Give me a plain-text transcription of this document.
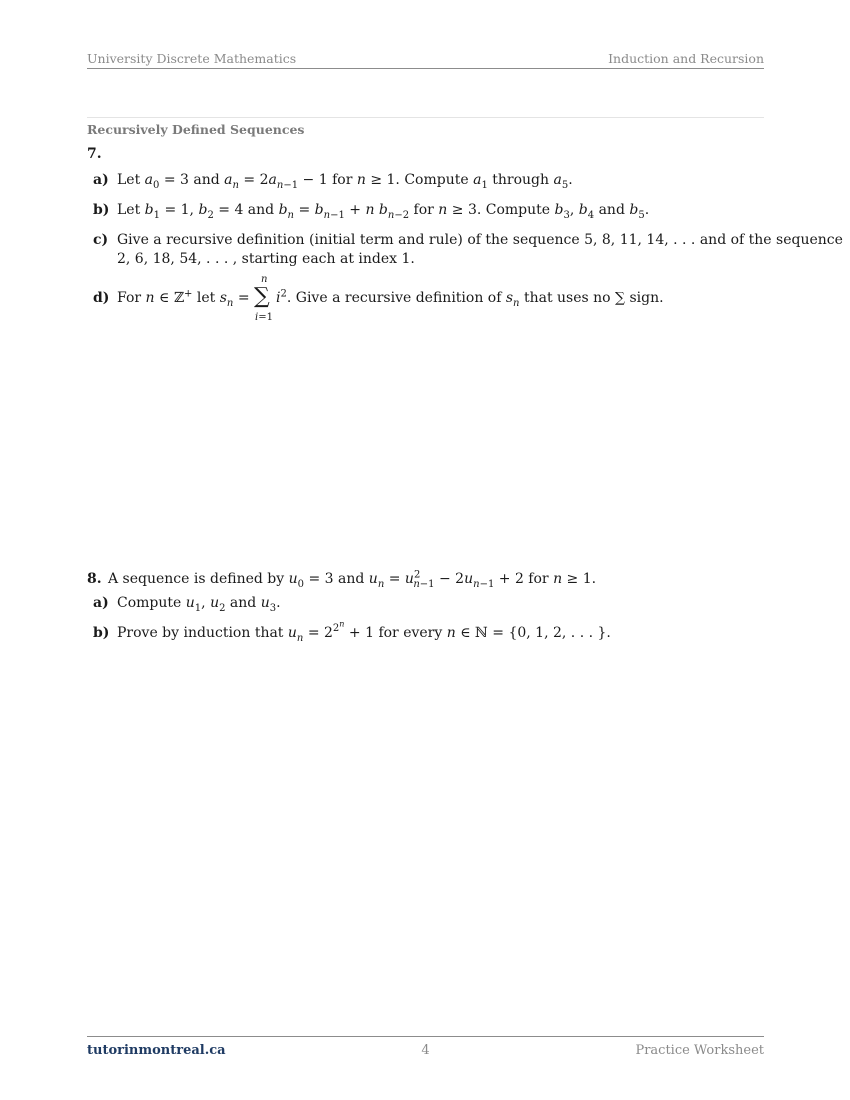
University Discrete Mathematics	Induction and Recursion
Recursively Defined Sequences
7.
a) Let $a_0 = 3$ and $a_n = 2a_{n-1} - 1$ for n ≥ 1. Compute $a_1$ through $a_5$.
b) Let $b_1 = 1$, $b_2 = 4$ and $b_n = b_{n-1} + n$ $b_{n-2}$ for n ≥ 3. Compute $b_3$, $b_4$ and $b_5$.
c) Give a recursive definition (initial term and rule) of the sequence 5, 8, 11, 14, . . . and of the sequence
2, 6, 18, 54, . . . , starting each at index 1.
d) For n ∈ ℤ+ let $s_n$ = ∑
n
i=1
$i^2$. Give a recursive definition of $s_n$ that uses no ∑ sign.
8. A sequence is defined by $u_0 = 3$ and $u_n = u^2_{n-1} - 2u_{n-1} + 2$ for n ≥ 1.
a) Compute $u_1$, $u_2$ and $u_3$.
b) Prove by induction that $u_n = 2^{2^n} + 1$ for every n ∈ ℕ = {0, 1, 2, . . . }.
tutorinmontreal.ca	4	Practice Worksheet
